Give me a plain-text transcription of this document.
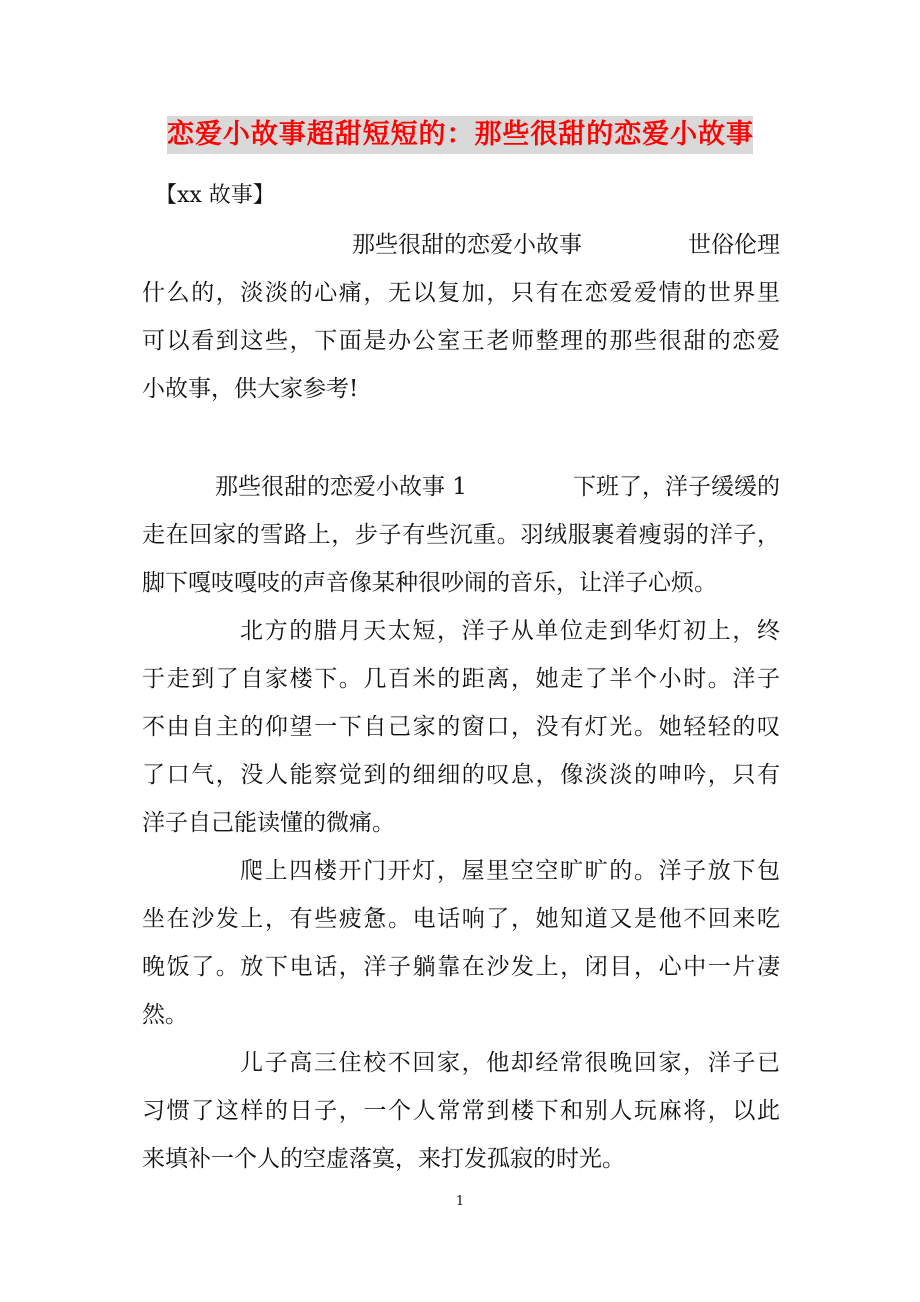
恋爱小故事超甜短短的：那些很甜的恋爱小故事
【xx 故事】
那些很甜的恋爱小故事	世俗伦理
什么的，淡淡的心痛，无以复加，只有在恋爱爱情的世界里
可以看到这些，下面是办公室王老师整理的那些很甜的恋爱
小故事，供大家参考!
那些很甜的恋爱小故事 1	下班了，洋子缓缓的
走在回家的雪路上，步子有些沉重。羽绒服裹着瘦弱的洋子，
脚下嘎吱嘎吱的声音像某种很吵闹的音乐，让洋子心烦。
北方的腊月天太短，洋子从单位走到华灯初上，终
于走到了自家楼下。几百米的距离，她走了半个小时。洋子
不由自主的仰望一下自己家的窗口，没有灯光。她轻轻的叹
了口气，没人能察觉到的细细的叹息，像淡淡的呻吟，只有
洋子自己能读懂的微痛。
爬上四楼开门开灯，屋里空空旷旷的。洋子放下包
坐在沙发上，有些疲惫。电话响了，她知道又是他不回来吃
晚饭了。放下电话，洋子躺靠在沙发上，闭目，心中一片凄
然。
儿子高三住校不回家，他却经常很晚回家，洋子已
习惯了这样的日子，一个人常常到楼下和别人玩麻将，以此
来填补一个人的空虚落寞，来打发孤寂的时光。
1
